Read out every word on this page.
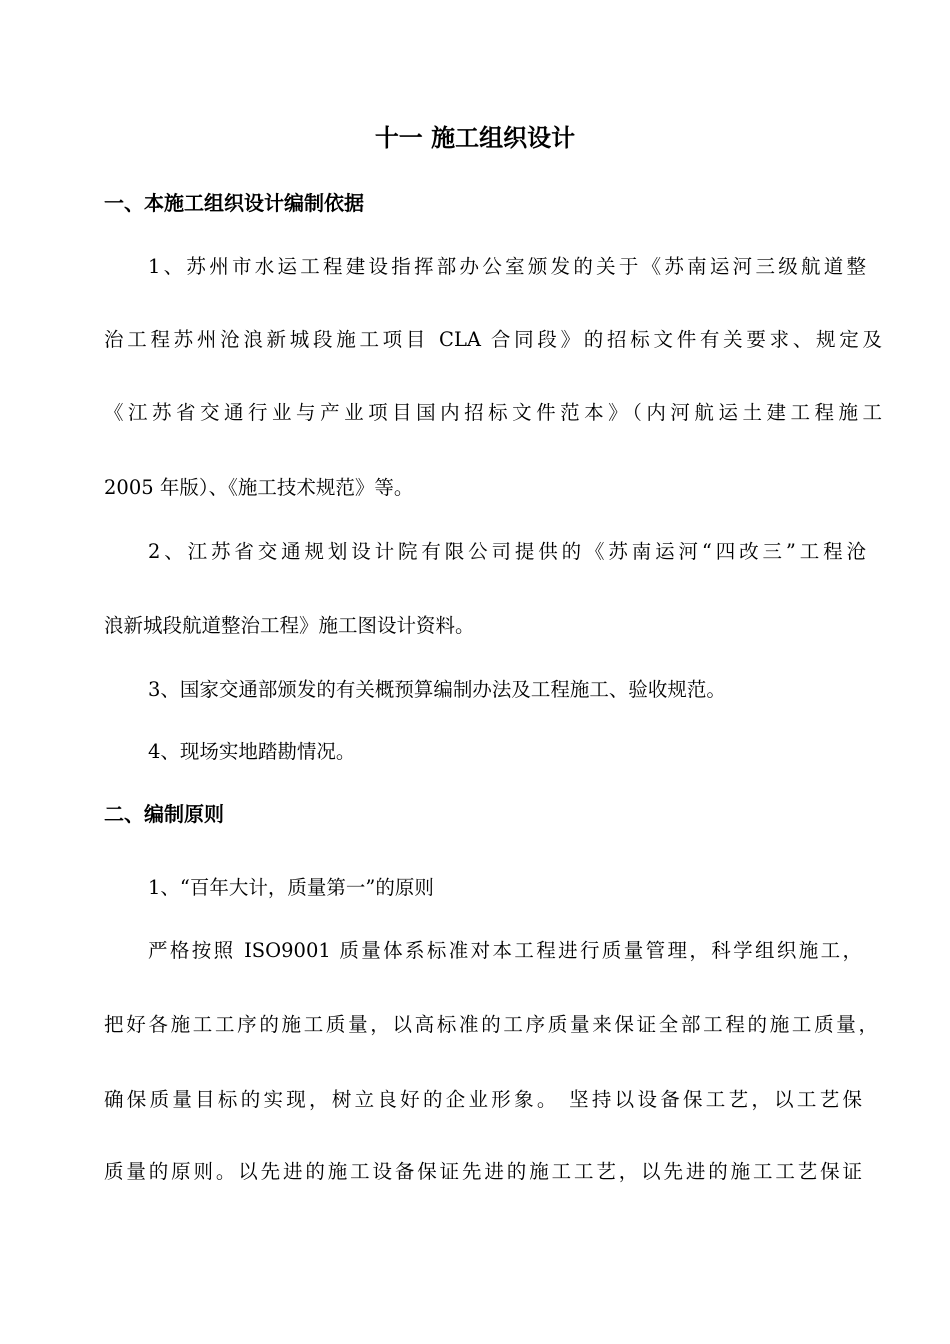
十一 施工组织设计
一、本施工组织设计编制依据
1、苏州市水运工程建设指挥部办公室颁发的关于《苏南运河三级航道整
治工程苏州沧浪新城段施工项目 CLA 合同段》的招标文件有关要求、规定及
《江苏省交通行业与产业项目国内招标文件范本》（内河航运土建工程施工
2005 年版）、《施工技术规范》等。
2、江苏省交通规划设计院有限公司提供的《苏南运河“四改三”工程沧
浪新城段航道整治工程》施工图设计资料。
3、国家交通部颁发的有关概预算编制办法及工程施工、验收规范。
4、现场实地踏勘情况。
二、编制原则
1、“百年大计，质量第一”的原则
严格按照 ISO9001 质量体系标准对本工程进行质量管理，科学组织施工，
把好各施工工序的施工质量，以高标准的工序质量来保证全部工程的施工质量，
确保质量目标的实现，树立良好的企业形象。 坚持以设备保工艺，以工艺保
质量的原则。以先进的施工设备保证先进的施工工艺，以先进的施工工艺保证
